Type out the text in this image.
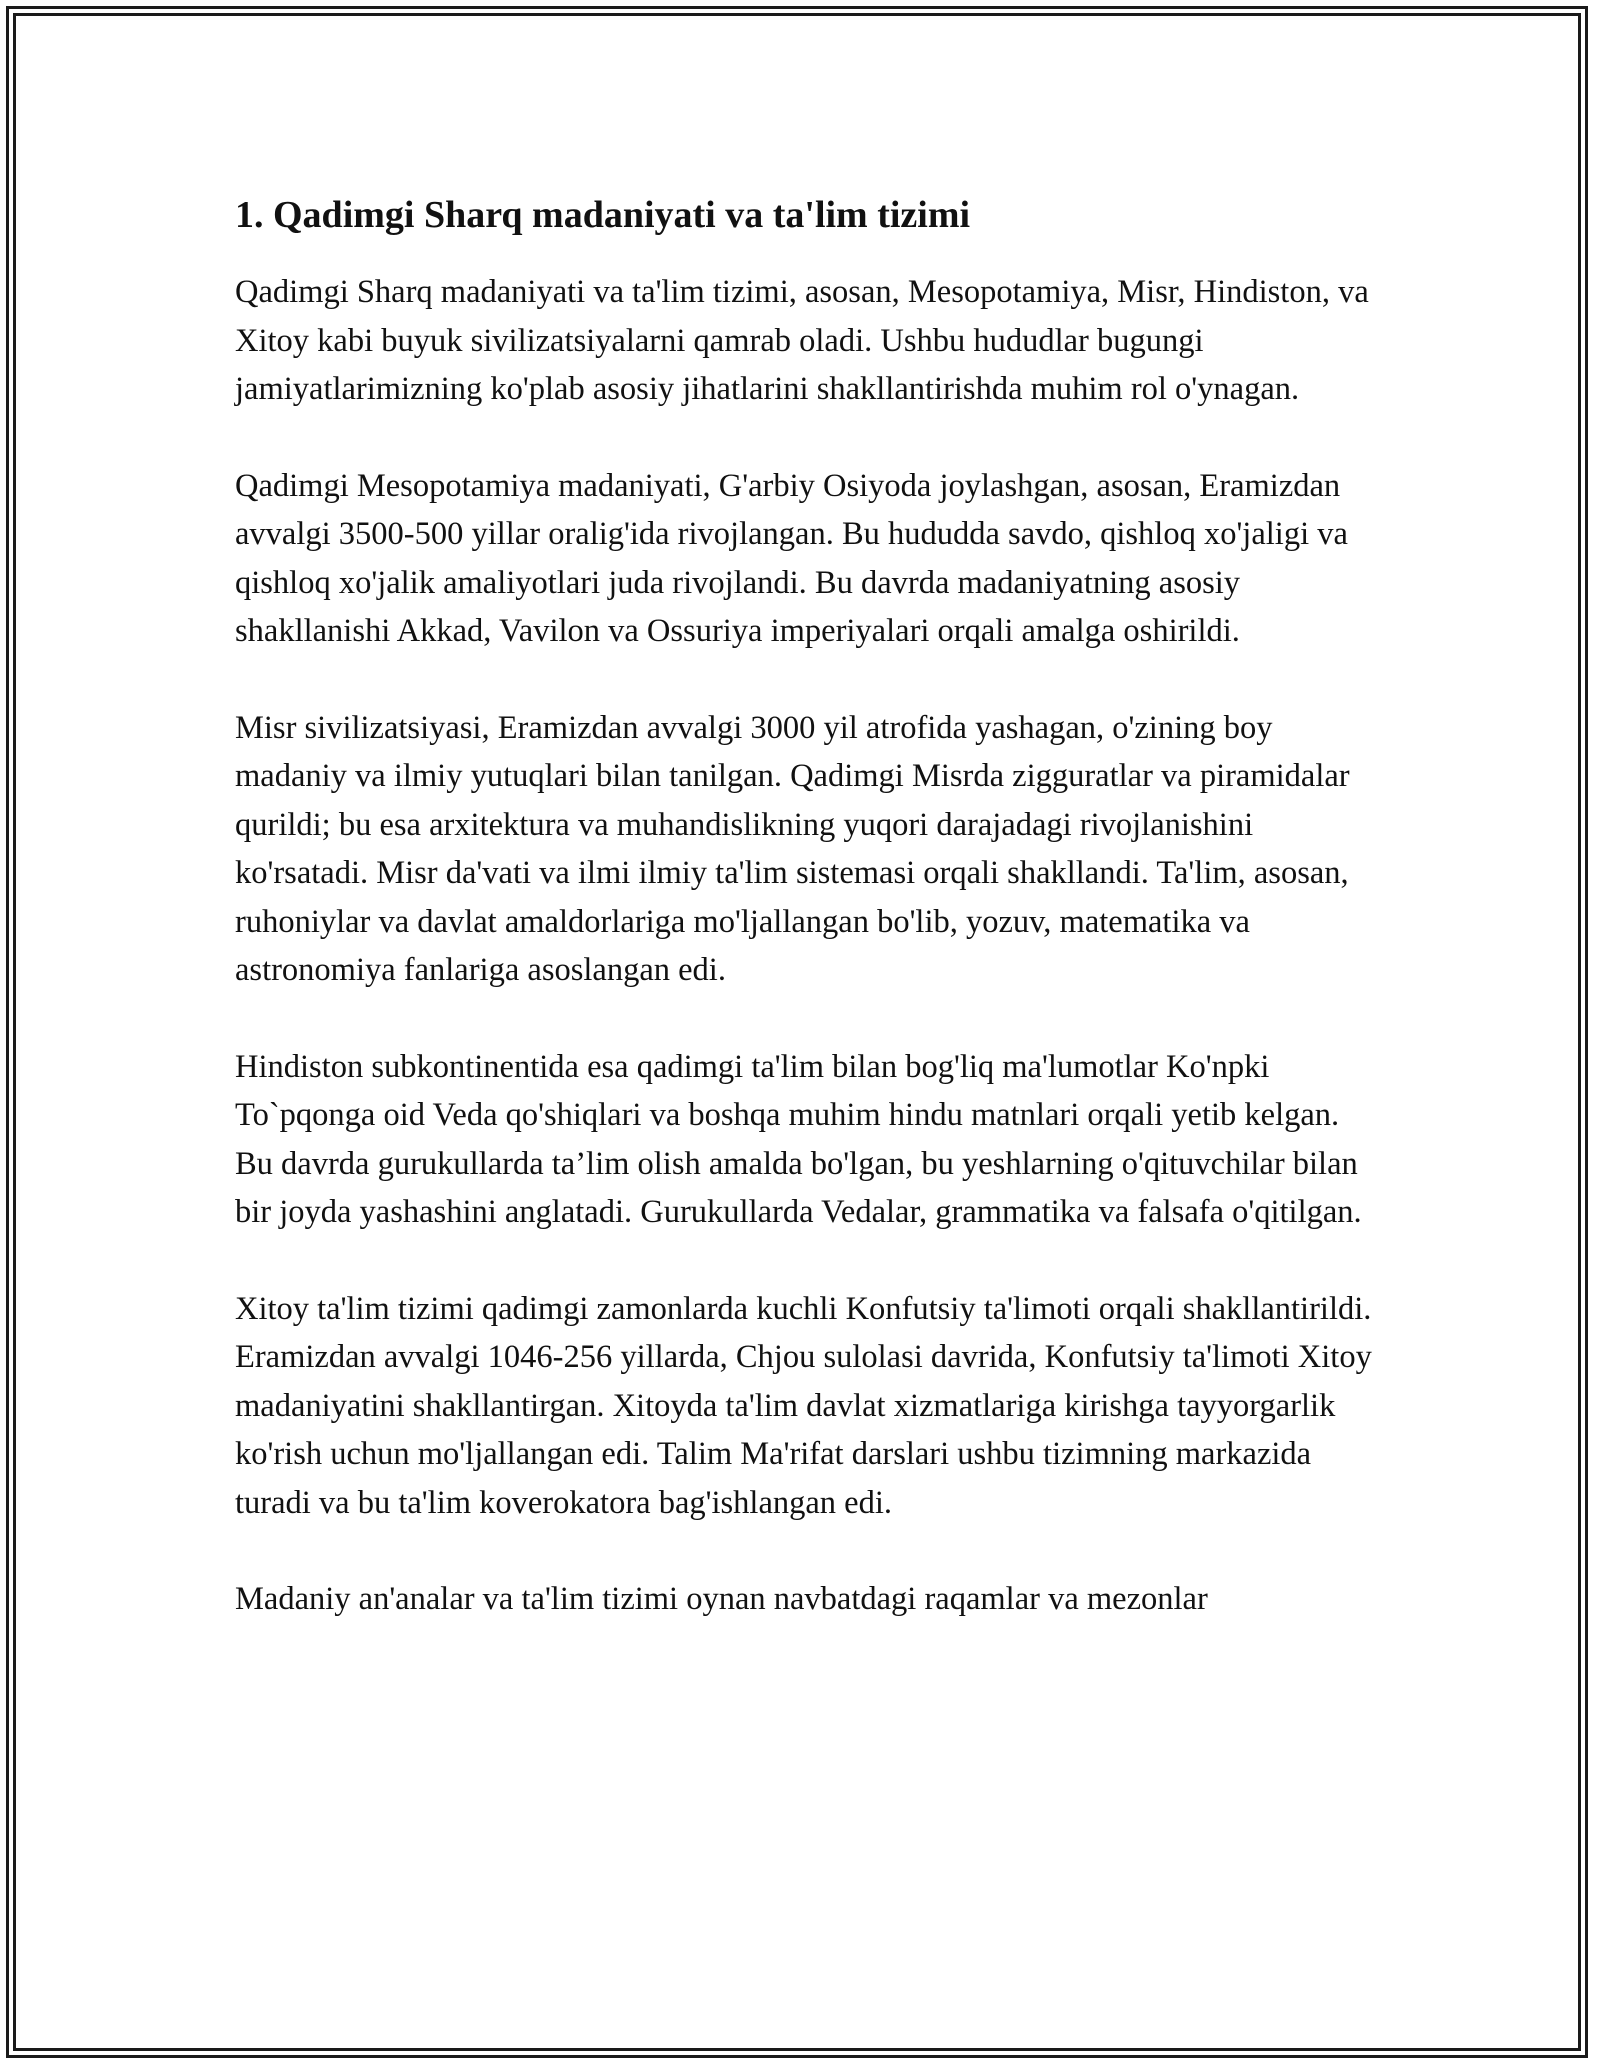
1. Qadimgi Sharq madaniyati va ta'lim tizimi

Qadimgi Sharq madaniyati va ta'lim tizimi, asosan, Mesopotamiya, Misr, Hindiston, va Xitoy kabi buyuk sivilizatsiyalarni qamrab oladi. Ushbu hududlar bugungi jamiyatlarimizning ko'plab asosiy jihatlarini shakllantirishda muhim rol o'ynagan.

Qadimgi Mesopotamiya madaniyati, G'arbiy Osiyoda joylashgan, asosan, Eramizdan avvalgi 3500-500 yillar oralig'ida rivojlangan. Bu hududda savdo, qishloq xo'jaligi va qishloq xo'jalik amaliyotlari juda rivojlandi. Bu davrda madaniyatning asosiy shakllanishi Akkad, Vavilon va Ossuriya imperiyalari orqali amalga oshirildi.

Misr sivilizatsiyasi, Eramizdan avvalgi 3000 yil atrofida yashagan, o'zining boy madaniy va ilmiy yutuqlari bilan tanilgan. Qadimgi Misrda zigguratlar va piramidalar qurildi; bu esa arxitektura va muhandislikning yuqori darajadagi rivojlanishini ko'rsatadi. Misr da'vati va ilmi ilmiy ta'lim sistemasi orqali shakllandi. Ta'lim, asosan, ruhoniylar va davlat amaldorlariga mo'ljallangan bo'lib, yozuv, matematika va astronomiya fanlariga asoslangan edi.

Hindiston subkontinentida esa qadimgi ta'lim bilan bog'liq ma'lumotlar Ko'npki To`pqonga oid Veda qo'shiqlari va boshqa muhim hindu matnlari orqali yetib kelgan. Bu davrda gurukullarda ta’lim olish amalda bo'lgan, bu yeshlarning o'qituvchilar bilan bir joyda yashashini anglatadi. Gurukullarda Vedalar, grammatika va falsafa o'qitilgan.

Xitoy ta'lim tizimi qadimgi zamonlarda kuchli Konfutsiy ta'limoti orqali shakllantirildi. Eramizdan avvalgi 1046-256 yillarda, Chjou sulolasi davrida, Konfutsiy ta'limoti Xitoy madaniyatini shakllantirgan. Xitoyda ta'lim davlat xizmatlariga kirishga tayyorgarlik ko'rish uchun mo'ljallangan edi. Talim Ma'rifat darslari ushbu tizimning markazida turadi va bu ta'lim koverokatora bag'ishlangan edi.

Madaniy an'analar va ta'lim tizimi oynan navbatdagi raqamlar va mezonlar
